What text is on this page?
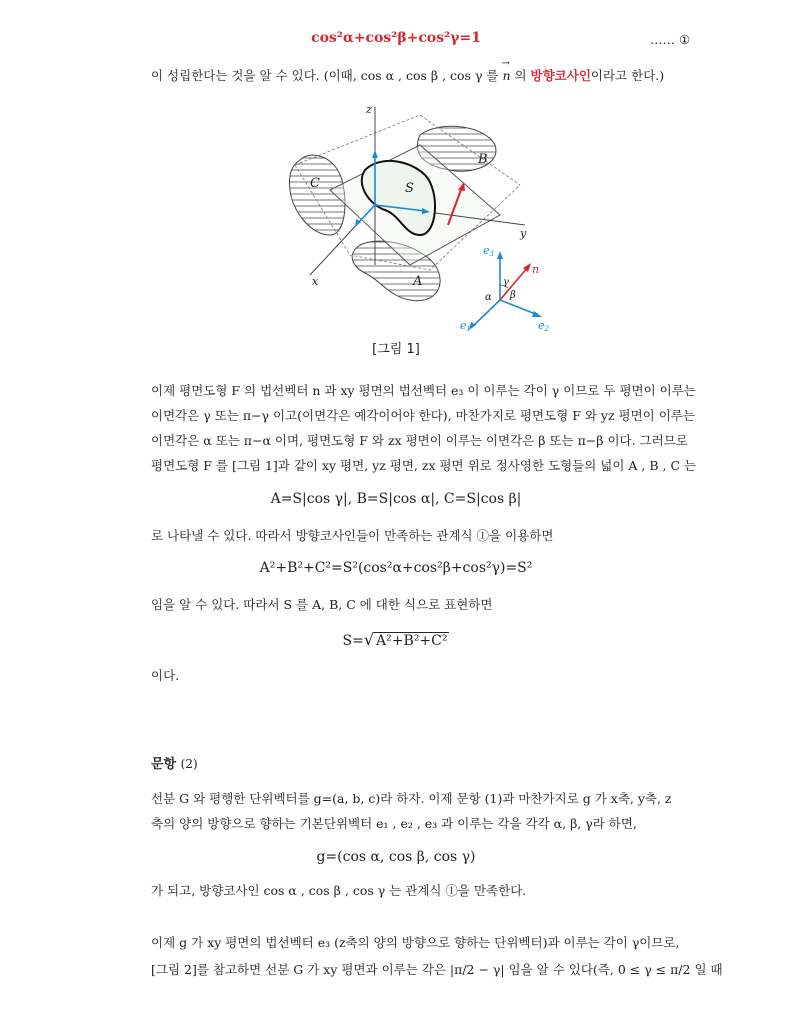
cos²α+cos²β+cos²γ=1	…… ①
이 성립한다는 것을 알 수 있다. (이때, cos α , cos β , cos γ 를 → n 의 방향코사인이라고 한다.)
z
y
x
S
A
B
C
e3
e1	e2
n
α β
γ
[그림 1]
이제 평면도형 F 의 법선벡터 n 과 xy 평면의 법선벡터 e₃ 이 이루는 각이 γ 이므로 두 평면이 이루는
이면각은 γ 또는 π−γ 이고(이면각은 예각이어야 한다), 마찬가지로 평면도형 F 와 yz 평면이 이루는
이면각은 α 또는 π−α 이며, 평면도형 F 와 zx 평면이 이루는 이면각은 β 또는 π−β 이다. 그러므로
평면도형 F 를 [그림 1]과 같이 xy 평면, yz 평면, zx 평면 위로 정사영한 도형들의 넓이 A , B , C 는
A=S|cos γ|, B=S|cos α|, C=S|cos β|
로 나타낼 수 있다. 따라서 방향코사인들이 만족하는 관계식 ①을 이용하면
A²+B²+C²=S²(cos²α+cos²β+cos²γ)=S²
임을 알 수 있다. 따라서 S 를 A, B, C 에 대한 식으로 표현하면
S=√ A²+B²+C²
이다.
문항 (2)
선분 G 와 평행한 단위벡터를 g=(a, b, c)라 하자. 이제 문항 (1)과 마찬가지로 g 가 x축, y축, z
축의 양의 방향으로 향하는 기본단위벡터 e₁ , e₂ , e₃ 과 이루는 각을 각각 α, β, γ라 하면,
g=(cos α, cos β, cos γ)
가 되고, 방향코사인 cos α , cos β , cos γ 는 관계식 ①을 만족한다.
이제 g 가 xy 평면의 법선벡터 e₃ (z축의 양의 방향으로 향하는 단위벡터)과 이루는 각이 γ이므로,
[그림 2]를 참고하면 선분 G 가 xy 평면과 이루는 각은 |π/2 − γ| 임을 알 수 있다(즉, 0 ≤ γ ≤ π/2 일 때
